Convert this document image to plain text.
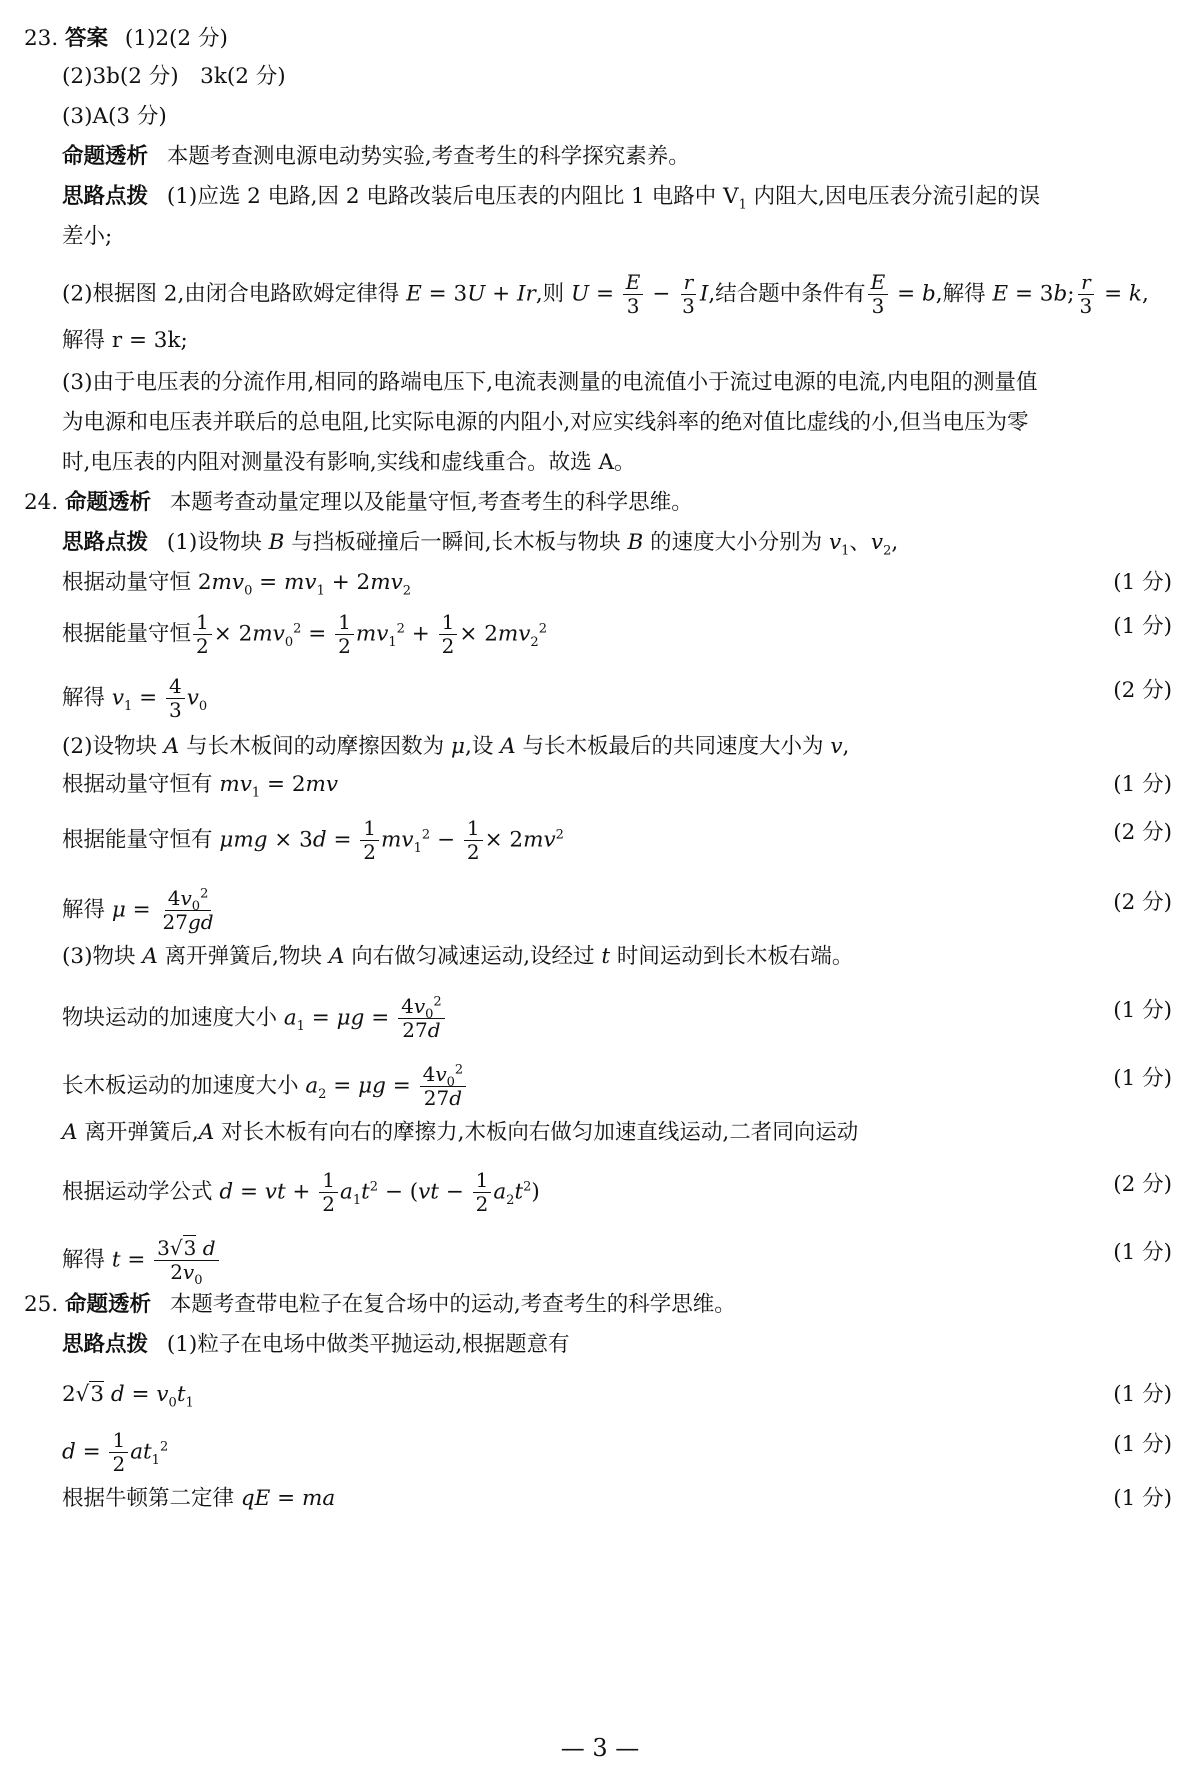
23. 答案 (1)2(2 分)
(2)3b(2 分)　3k(2 分)
(3)A(3 分)
命题透析 本题考查测电源电动势实验,考查考生的科学探究素养。
思路点拨 (1)应选 2 电路,因 2 电路改装后电压表的内阻比 1 电路中 $V_1$ 内阻大,因电压表分流引起的误
差小;
(2)根据图 2,由闭合电路欧姆定律得 E = 3U + Ir,则 $U = \frac{E}{3} - \frac{r}{3} I$,结合题中条件有 $\frac{E}{3} = b$,解得 E = 3b; $\frac{r}{3} = k$,
解得 r = 3k;
(3)由于电压表的分流作用,相同的路端电压下,电流表测量的电流值小于流过电源的电流,内电阻的测量值
为电源和电压表并联后的总电阻,比实际电源的内阻小,对应实线斜率的绝对值比虚线的小,但当电压为零
时,电压表的内阻对测量没有影响,实线和虚线重合。故选 A。
24. 命题透析 本题考查动量定理以及能量守恒,考查考生的科学思维。
思路点拨 (1)设物块 B 与挡板碰撞后一瞬间,长木板与物块 B 的速度大小分别为 $v_1$、$v_2$,
根据动量守恒 $2mv_0 = mv_1 + 2mv_2$	(1 分)
根据能量守恒 $\frac{1}{2} \times 2mv_0^2 = \frac{1}{2} mv_1^2 + \frac{1}{2} \times 2mv_2^2$	(1 分)
解得 $v_1 = \frac{4}{3} v_0$
(2 分)
(2)设物块 A 与长木板间的动摩擦因数为 μ,设 A 与长木板最后的共同速度大小为 v,
根据动量守恒有 $mv_1 = 2mv$	(1 分)
根据能量守恒有 $\mu mg \times 3d = \frac{1}{2} mv_1^2 - \frac{1}{2} \times 2mv^2$	(2 分)
解得 $\mu = \frac{4v_0^2}{27gd}$	(2 分)
(3)物块 A 离开弹簧后,物块 A 向右做匀减速运动,设经过 t 时间运动到长木板右端。
物块运动的加速度大小 $a_1 = \mu g = \frac{4v_0^2}{27d}$	(1 分)
长木板运动的加速度大小 $a_2 = \mu g = \frac{4v_0^2}{27d}$	(1 分)
A 离开弹簧后,A 对长木板有向右的摩擦力,木板向右做匀加速直线运动,二者同向运动
根据运动学公式 d = vt + $\frac{1}{2} a_1t^2 - (vt - \frac{1}{2} a_2t^2)$	(2 分)
解得 $t = \frac{3√3 d}{2v_0}$	(1 分)
25. 命题透析 本题考查带电粒子在复合场中的运动,考查考生的科学思维。
思路点拨 (1)粒子在电场中做类平抛运动,根据题意有
2√3 $d = v_0t_1$	(1 分)
$d = \frac{1}{2} at_1^2$	(1 分)
根据牛顿第二定律 qE = ma	(1 分)
— 3 —
